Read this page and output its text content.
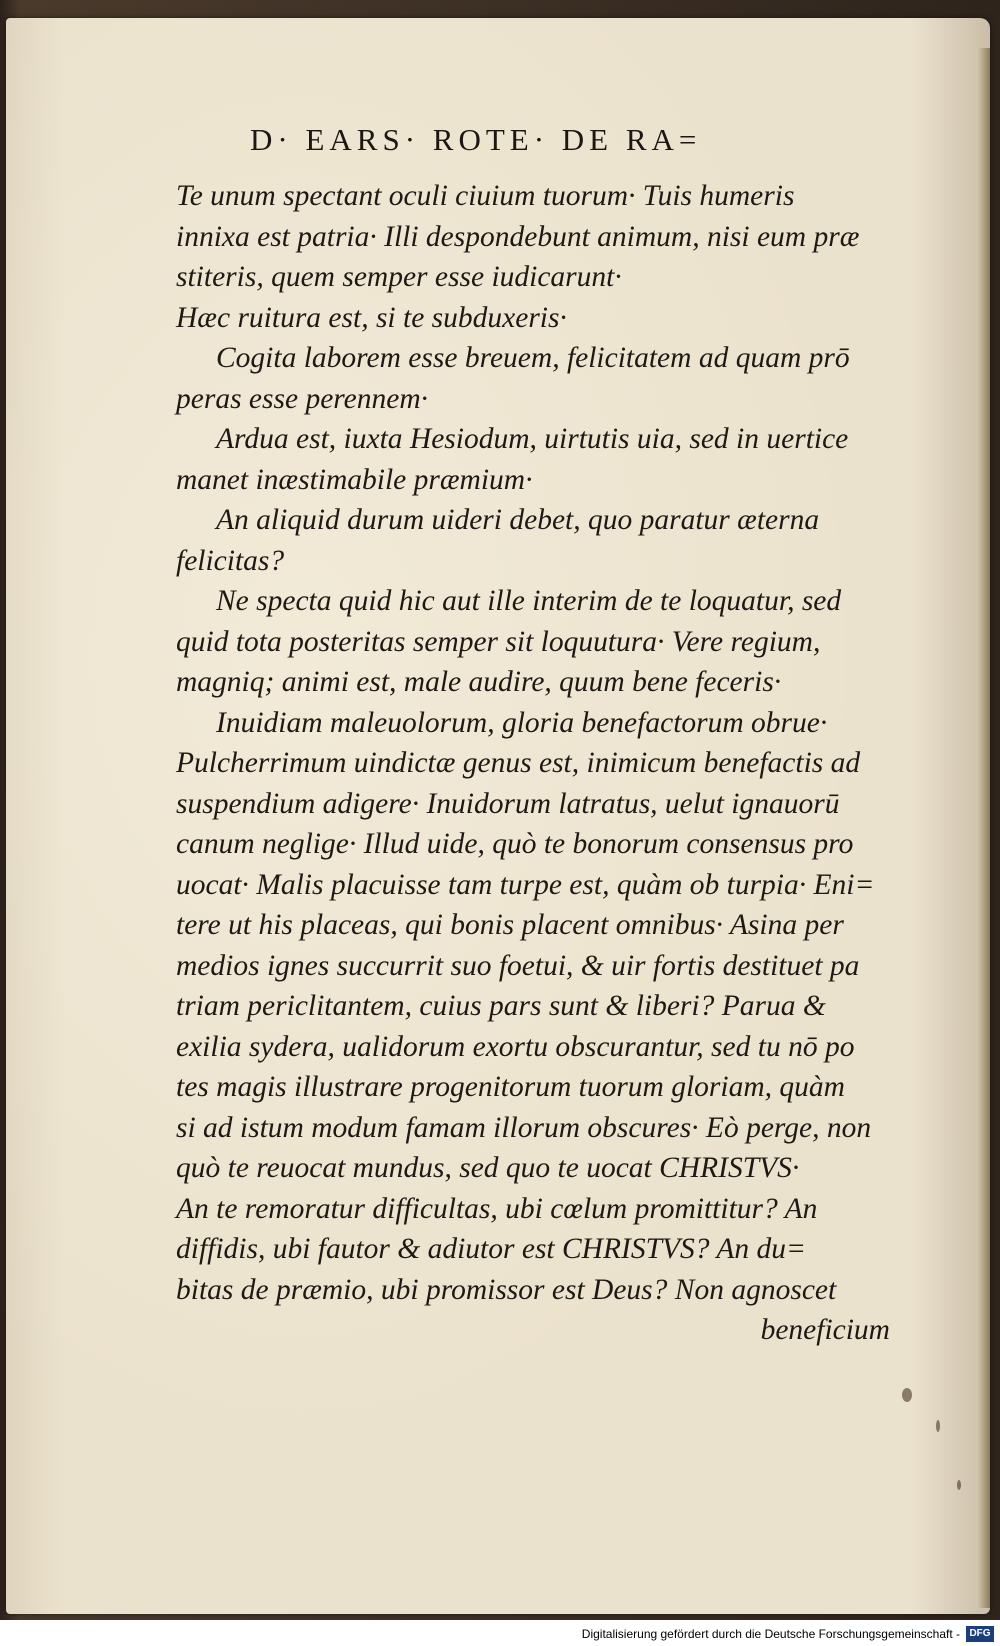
D· EARS· ROTE· DE RA=
Te unum spectant oculi ciuium tuorum· Tuis humeris
innixa est patria· Illi despondebunt animum, nisi eum præ
stiteris, quem semper esse iudicarunt·
Hæc ruitura est, si te subduxeris·
Cogita laborem esse breuem, felicitatem ad quam prō
peras esse perennem·
Ardua est, iuxta Hesiodum, uirtutis uia, sed in uertice
manet inæstimabile præmium·
An aliquid durum uideri debet, quo paratur æterna
felicitas?
Ne specta quid hic aut ille interim de te loquatur, sed
quid tota posteritas semper sit loquutura· Vere regium,
magniq; animi est, male audire, quum bene feceris·
Inuidiam maleuolorum, gloria benefactorum obrue·
Pulcherrimum uindictæ genus est, inimicum benefactis ad
suspendium adigere· Inuidorum latratus, uelut ignauorū
canum neglige· Illud uide, quò te bonorum consensus pro
uocat· Malis placuisse tam turpe est, quàm ob turpia· Eni=
tere ut his placeas, qui bonis placent omnibus· Asina per
medios ignes succurrit suo foetui, & uir fortis destituet pa
triam periclitantem, cuius pars sunt & liberi? Parua &
exilia sydera, ualidorum exortu obscurantur, sed tu nō po
tes magis illustrare progenitorum tuorum gloriam, quàm
si ad istum modum famam illorum obscures· Eò perge, non
quò te reuocat mundus, sed quo te uocat CHRISTVS·
An te remoratur difficultas, ubi cœlum promittitur? An
diffidis, ubi fautor & adiutor est CHRISTVS? An du=
bitas de præmio, ubi promissor est Deus? Non agnoscet
beneficium
Digitalisierung gefördert durch die Deutsche Forschungsgemeinschaft - DFG
